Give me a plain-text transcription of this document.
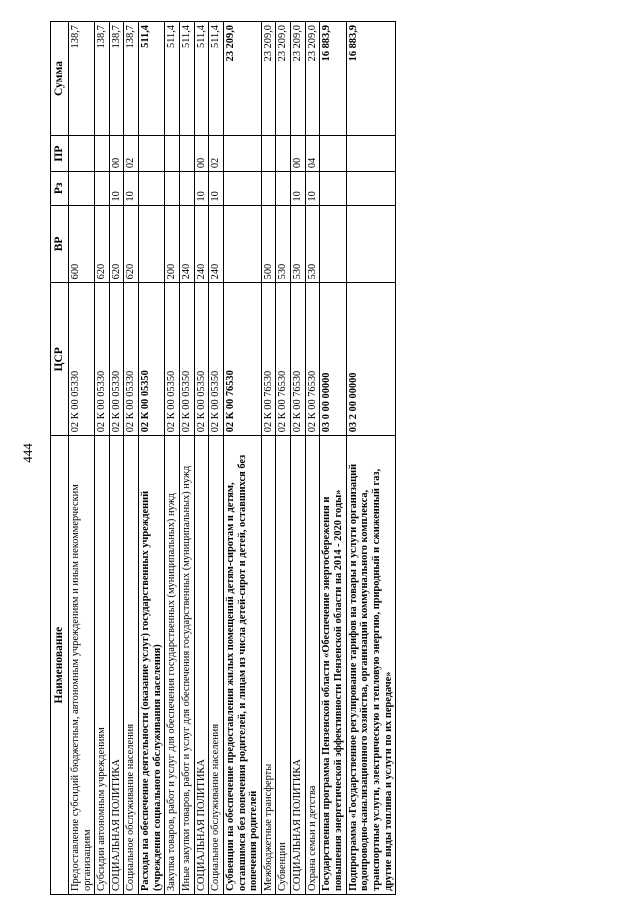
444
Наименование	ЦСР	ВР	Рз	ПР	Сумма
Предоставление субсидий бюджетным, автономным учреждениям и иным некоммерческим организациям	02 К 00 05330	600			138,7
Субсидии автономным учреждениям	02 К 00 05330	620			138,7
СОЦИАЛЬНАЯ ПОЛИТИКА	02 К 00 05330	620	10	00	138,7
Социальное обслуживание населения	02 К 00 05330	620	10	02	138,7
Расходы на обеспечение деятельности (оказание услуг) государственных учреждений (учреждения социального обслуживания населения)	02 К 00 05350				511,4
Закупка товаров, работ и услуг для обеспечения государственных (муниципальных) нужд	02 К 00 05350	200			511,4
Иные закупки товаров, работ и услуг для обеспечения государственных (муниципальных) нужд	02 К 00 05350	240			511,4
СОЦИАЛЬНАЯ ПОЛИТИКА	02 К 00 05350	240	10	00	511,4
Социальное обслуживание населения	02 К 00 05350	240	10	02	511,4
Субвенции на обеспечение предоставления жилых помещений детям-сиротам и детям, оставшимся без попечения родителей, и лицам из числа детей-сирот и детей, оставшихся без попечения родителей	02 К 00 76530				23 209,0
Межбюджетные трансферты	02 К 00 76530	500			23 209,0
Субвенции	02 К 00 76530	530			23 209,0
СОЦИАЛЬНАЯ ПОЛИТИКА	02 К 00 76530	530	10	00	23 209,0
Охрана семьи и детства	02 К 00 76530	530	10	04	23 209,0
Государственная программа Пензенской области «Обеспечение энергосбережения и повышения энергетической эффективности Пензенской области на 2014 - 2020 годы»	03 0 00 00000				16 883,9
Подпрограмма «Государственное регулирование тарифов на товары и услуги организаций водопроводно-канализационного хозяйства, организаций коммунального комплекса, транспортные услуги, электрическую и тепловую энергию, природный и сжиженный газ, другие виды топлива и услуги по их передаче»	03 2 00 00000				16 883,9
